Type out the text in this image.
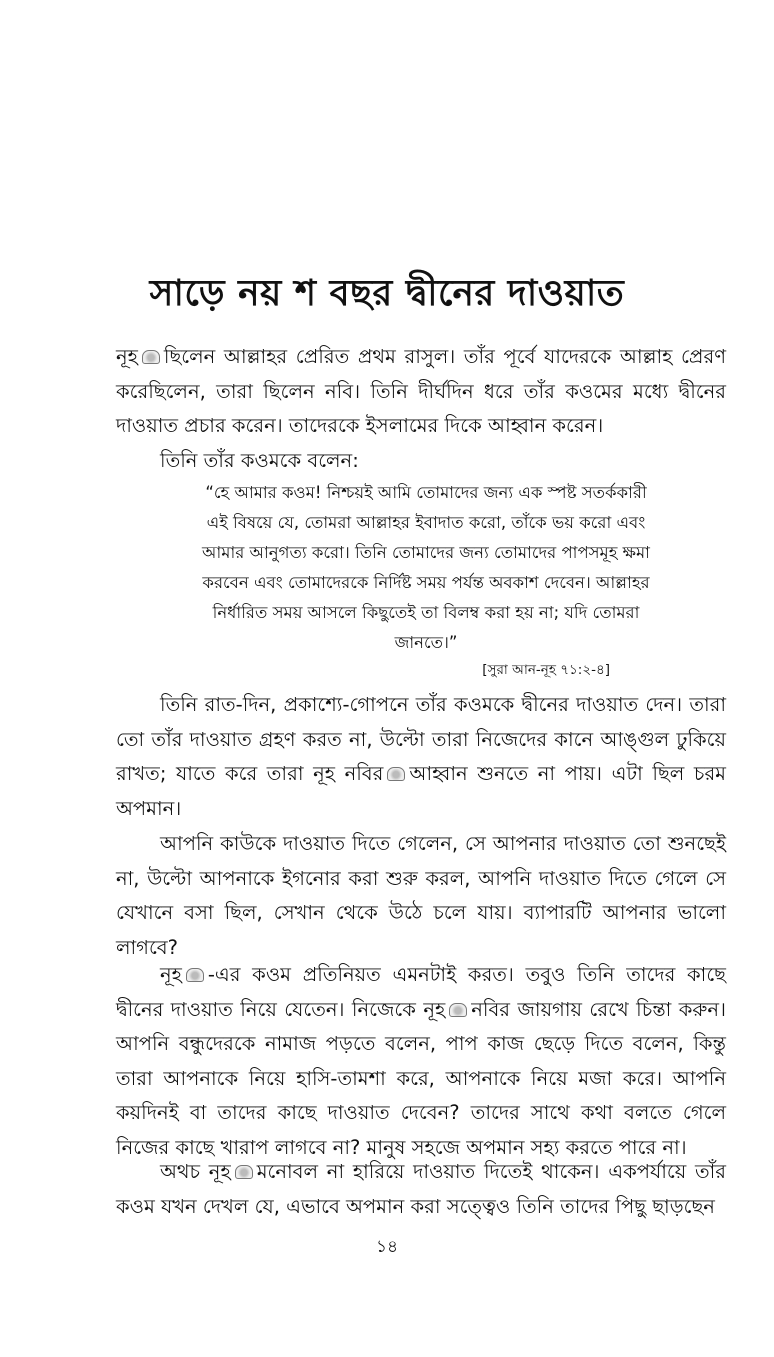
সাড়ে নয় শ বছর দ্বীনের দাওয়াত

নূহ ছিলেন আল্লাহর প্রেরিত প্রথম রাসুল। তাঁর পূর্বে যাদেরকে আল্লাহ প্রেরণ করেছিলেন, তারা ছিলেন নবি। তিনি দীর্ঘদিন ধরে তাঁর কওমের মধ্যে দ্বীনের দাওয়াত প্রচার করেন। তাদেরকে ইসলামের দিকে আহ্বান করেন।

তিনি তাঁর কওমকে বলেন:

“হে আমার কওম! নিশ্চয়ই আমি তোমাদের জন্য এক স্পষ্ট সতর্ককারী এই বিষয়ে যে, তোমরা আল্লাহর ইবাদাত করো, তাঁকে ভয় করো এবং আমার আনুগত্য করো। তিনি তোমাদের জন্য তোমাদের পাপসমূহ ক্ষমা করবেন এবং তোমাদেরকে নির্দিষ্ট সময় পর্যন্ত অবকাশ দেবেন। আল্লাহর নির্ধারিত সময় আসলে কিছুতেই তা বিলম্ব করা হয় না; যদি তোমরা জানতে।”
[সুরা আন-নূহ ৭১:২-৪]

তিনি রাত-দিন, প্রকাশ্যে-গোপনে তাঁর কওমকে দ্বীনের দাওয়াত দেন। তারা তো তাঁর দাওয়াত গ্রহণ করত না, উল্টো তারা নিজেদের কানে আঙ্গুল ঢুকিয়ে রাখত; যাতে করে তারা নূহ নবির আহ্বান শুনতে না পায়। এটা ছিল চরম অপমান।

আপনি কাউকে দাওয়াত দিতে গেলেন, সে আপনার দাওয়াত তো শুনছেই না, উল্টো আপনাকে ইগনোর করা শুরু করল, আপনি দাওয়াত দিতে গেলে সে যেখানে বসা ছিল, সেখান থেকে উঠে চলে যায়। ব্যাপারটি আপনার ভালো লাগবে?

নূহ -এর কওম প্রতিনিয়ত এমনটাই করত। তবুও তিনি তাদের কাছে দ্বীনের দাওয়াত নিয়ে যেতেন। নিজেকে নূহ নবির জায়গায় রেখে চিন্তা করুন। আপনি বন্ধুদেরকে নামাজ পড়তে বলেন, পাপ কাজ ছেড়ে দিতে বলেন, কিন্তু তারা আপনাকে নিয়ে হাসি-তামশা করে, আপনাকে নিয়ে মজা করে। আপনি কয়দিনই বা তাদের কাছে দাওয়াত দেবেন? তাদের সাথে কথা বলতে গেলে নিজের কাছে খারাপ লাগবে না? মানুষ সহজে অপমান সহ্য করতে পারে না।

অথচ নূহ মনোবল না হারিয়ে দাওয়াত দিতেই থাকেন। একপর্যায়ে তাঁর কওম যখন দেখল যে, এভাবে অপমান করা সত্ত্বেও তিনি তাদের পিছু ছাড়ছেন

১৪
